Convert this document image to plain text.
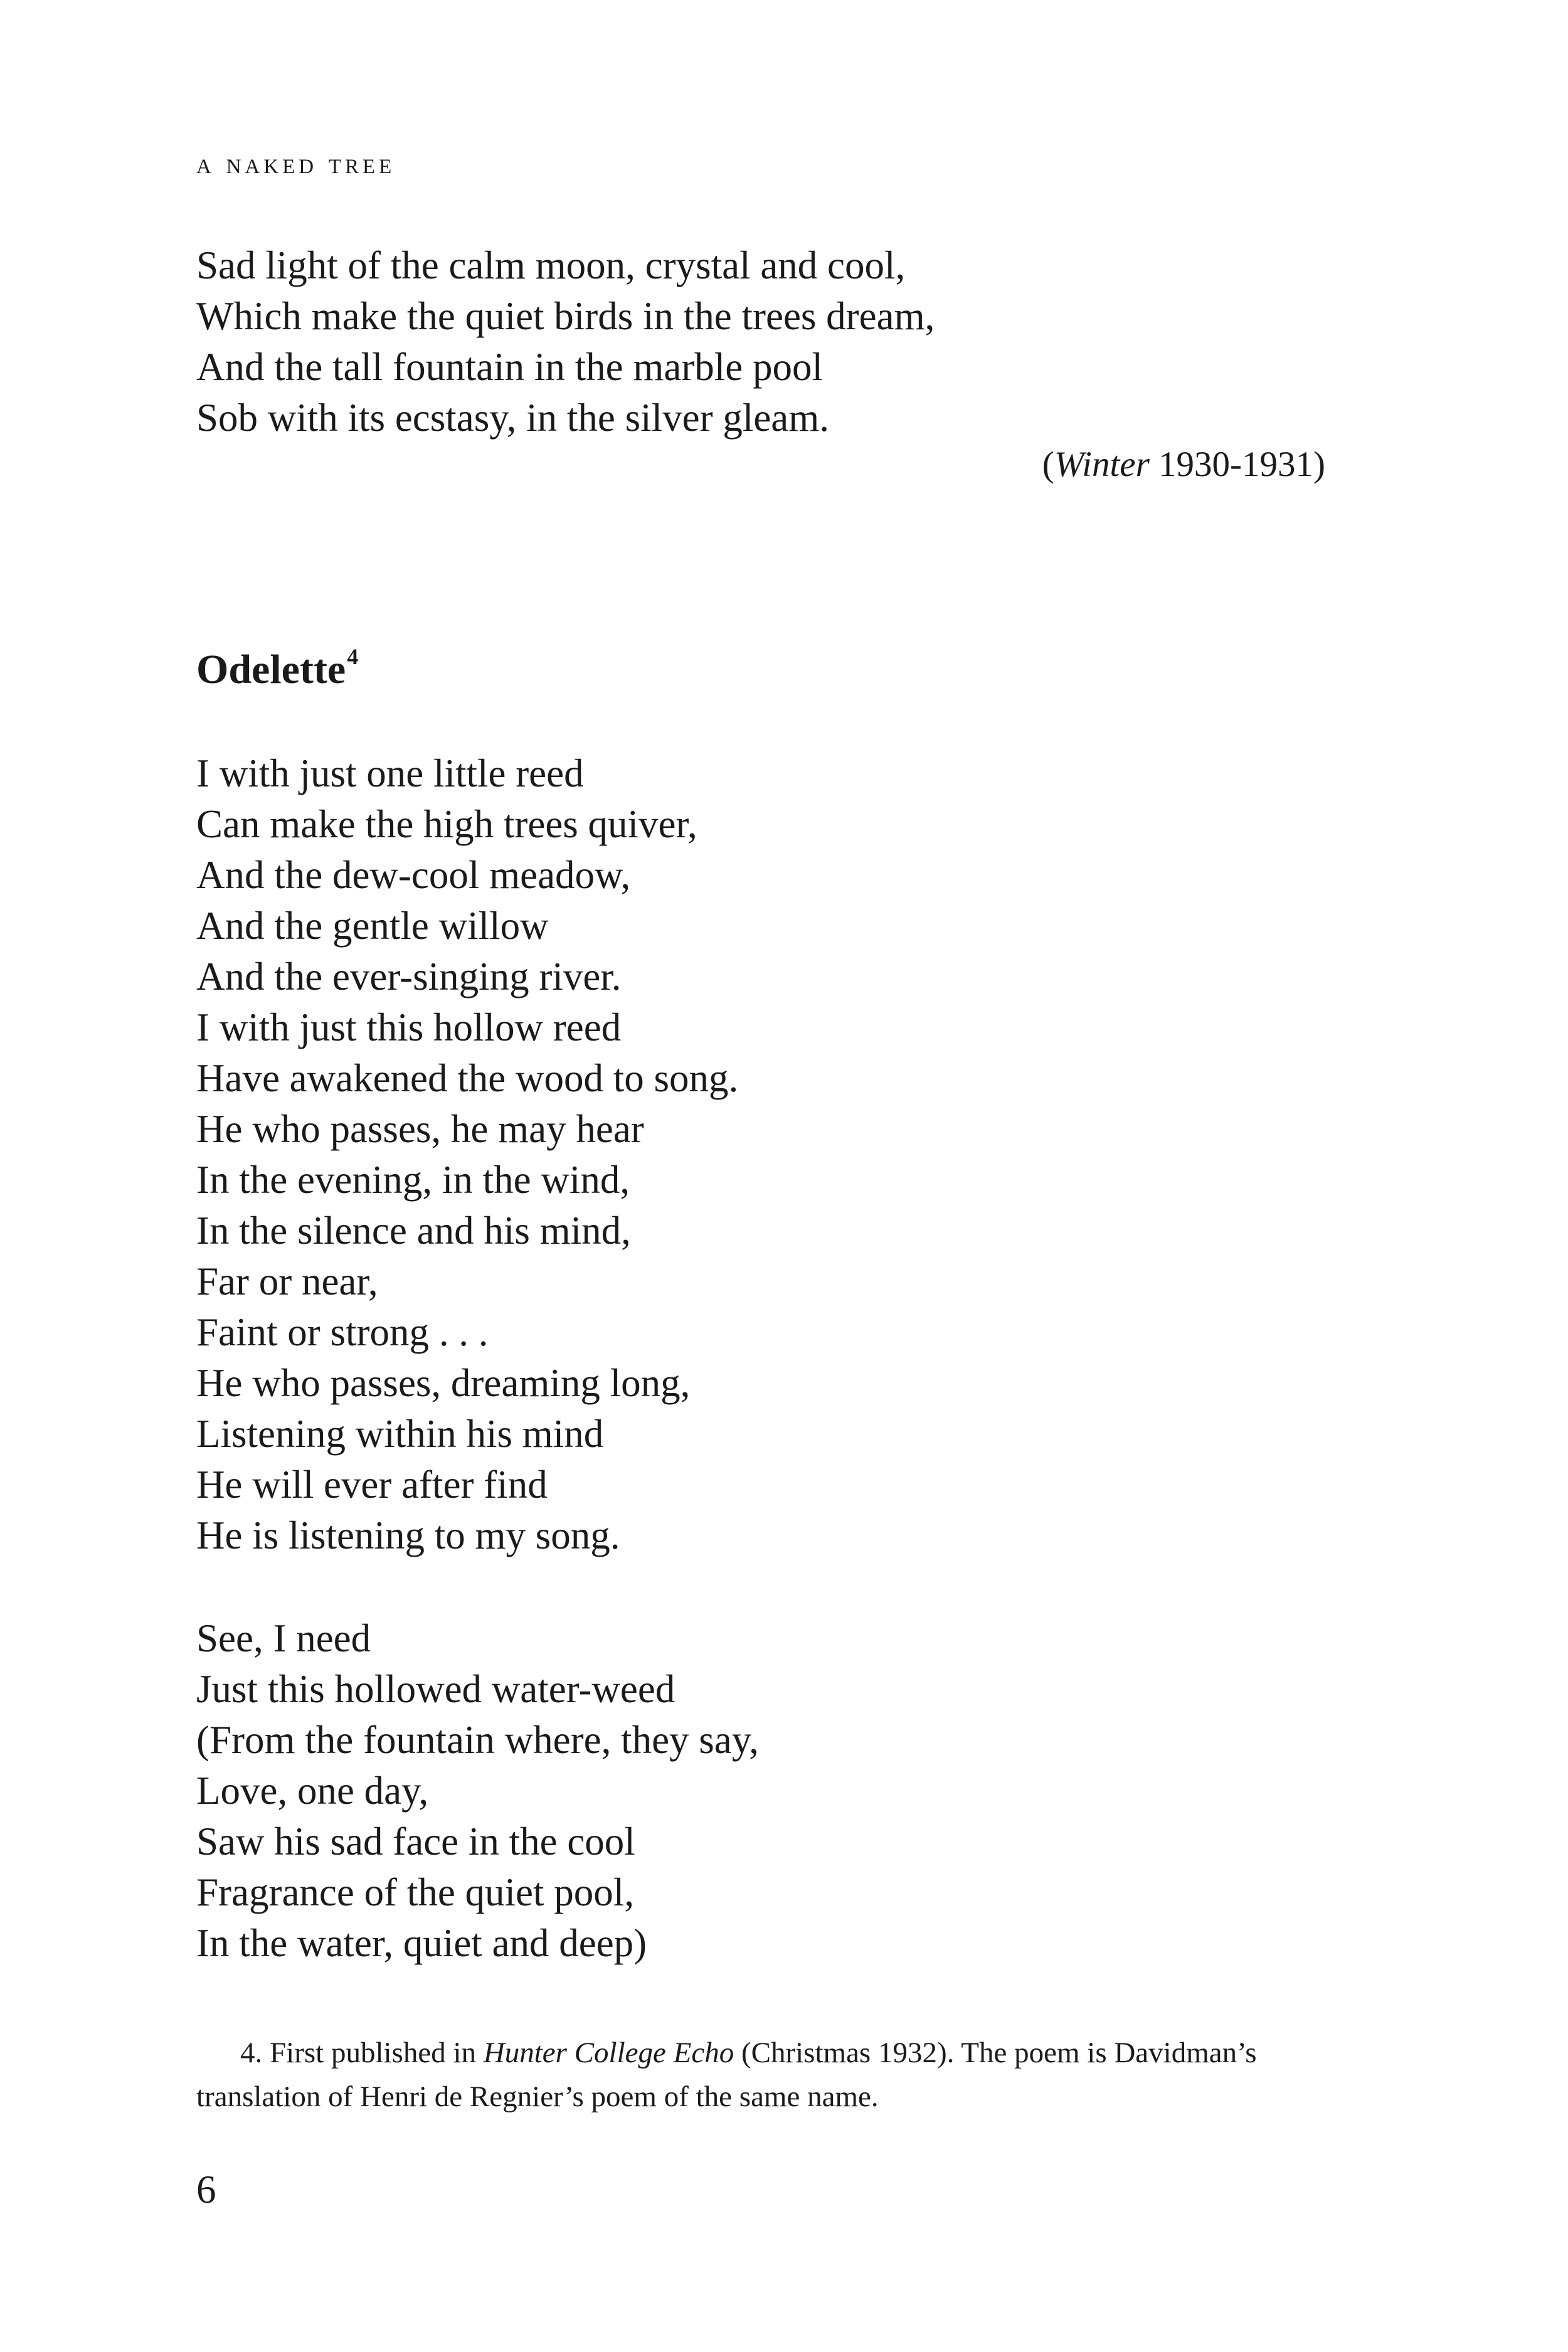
a naked tree
Sad light of the calm moon, crystal and cool,
Which make the quiet birds in the trees dream,
And the tall fountain in the marble pool
Sob with its ecstasy, in the silver gleam.
(Winter 1930-1931)
Odelette$^4$
I with just one little reed
Can make the high trees quiver,
And the dew-cool meadow,
And the gentle willow
And the ever-singing river.
I with just this hollow reed
Have awakened the wood to song.
He who passes, he may hear
In the evening, in the wind,
In the silence and his mind,
Far or near,
Faint or strong . . .
He who passes, dreaming long,
Listening within his mind
He will ever after find
He is listening to my song.
See, I need
Just this hollowed water-weed
(From the fountain where, they say,
Love, one day,
Saw his sad face in the cool
Fragrance of the quiet pool,
In the water, quiet and deep)
4. First published in Hunter College Echo (Christmas 1932). The poem is Davidman’s
translation of Henri de Regnier’s poem of the same name.
6
